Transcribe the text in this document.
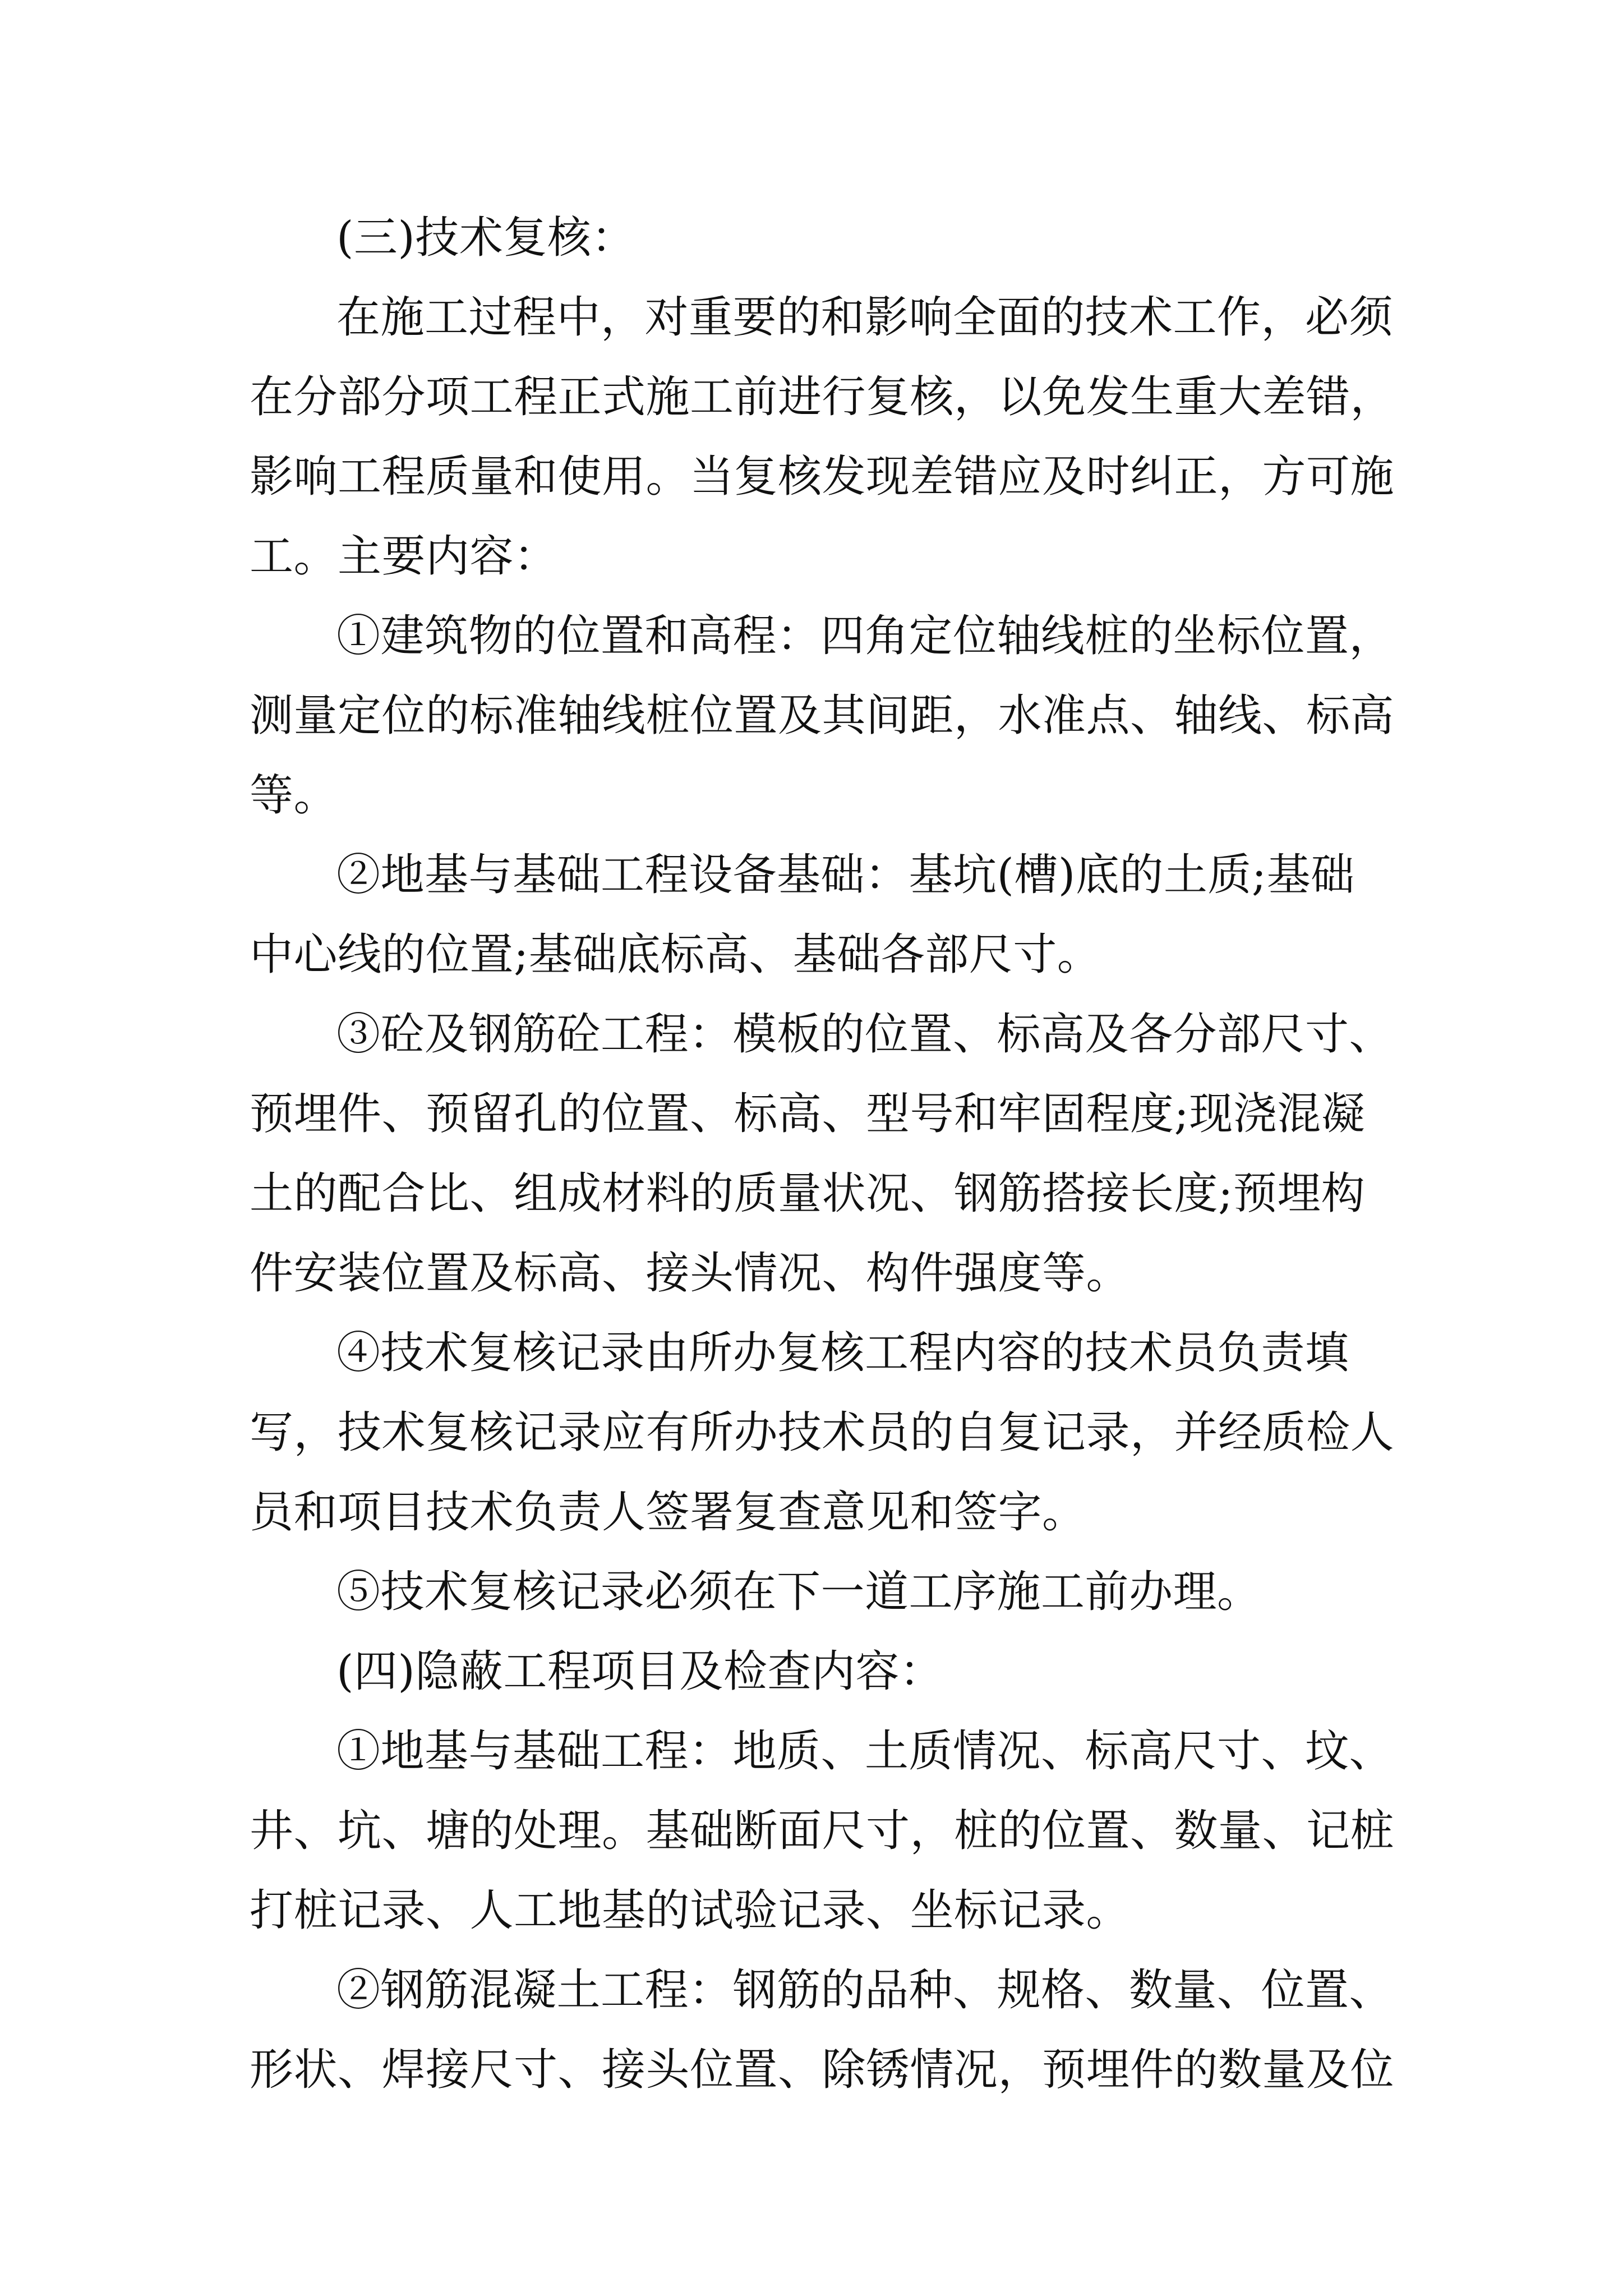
(三)技术复核：
在施工过程中，对重要的和影响全面的技术工作，必须
在分部分项工程正式施工前进行复核，以免发生重大差错，
影响工程质量和使用。当复核发现差错应及时纠正，方可施
工。主要内容：
①建筑物的位置和高程：四角定位轴线桩的坐标位置，
测量定位的标准轴线桩位置及其间距，水准点、轴线、标高
等。
②地基与基础工程设备基础：基坑(槽)底的土质;基础
中心线的位置;基础底标高、基础各部尺寸。
③砼及钢筋砼工程：模板的位置、标高及各分部尺寸、
预埋件、预留孔的位置、标高、型号和牢固程度;现浇混凝
土的配合比、组成材料的质量状况、钢筋搭接长度;预埋构
件安装位置及标高、接头情况、构件强度等。
④技术复核记录由所办复核工程内容的技术员负责填
写，技术复核记录应有所办技术员的自复记录，并经质检人
员和项目技术负责人签署复查意见和签字。
⑤技术复核记录必须在下一道工序施工前办理。
(四)隐蔽工程项目及检查内容：
①地基与基础工程：地质、土质情况、标高尺寸、坟、
井、坑、塘的处理。基础断面尺寸，桩的位置、数量、记桩
打桩记录、人工地基的试验记录、坐标记录。
②钢筋混凝土工程：钢筋的品种、规格、数量、位置、
形状、焊接尺寸、接头位置、除锈情况，预埋件的数量及位
